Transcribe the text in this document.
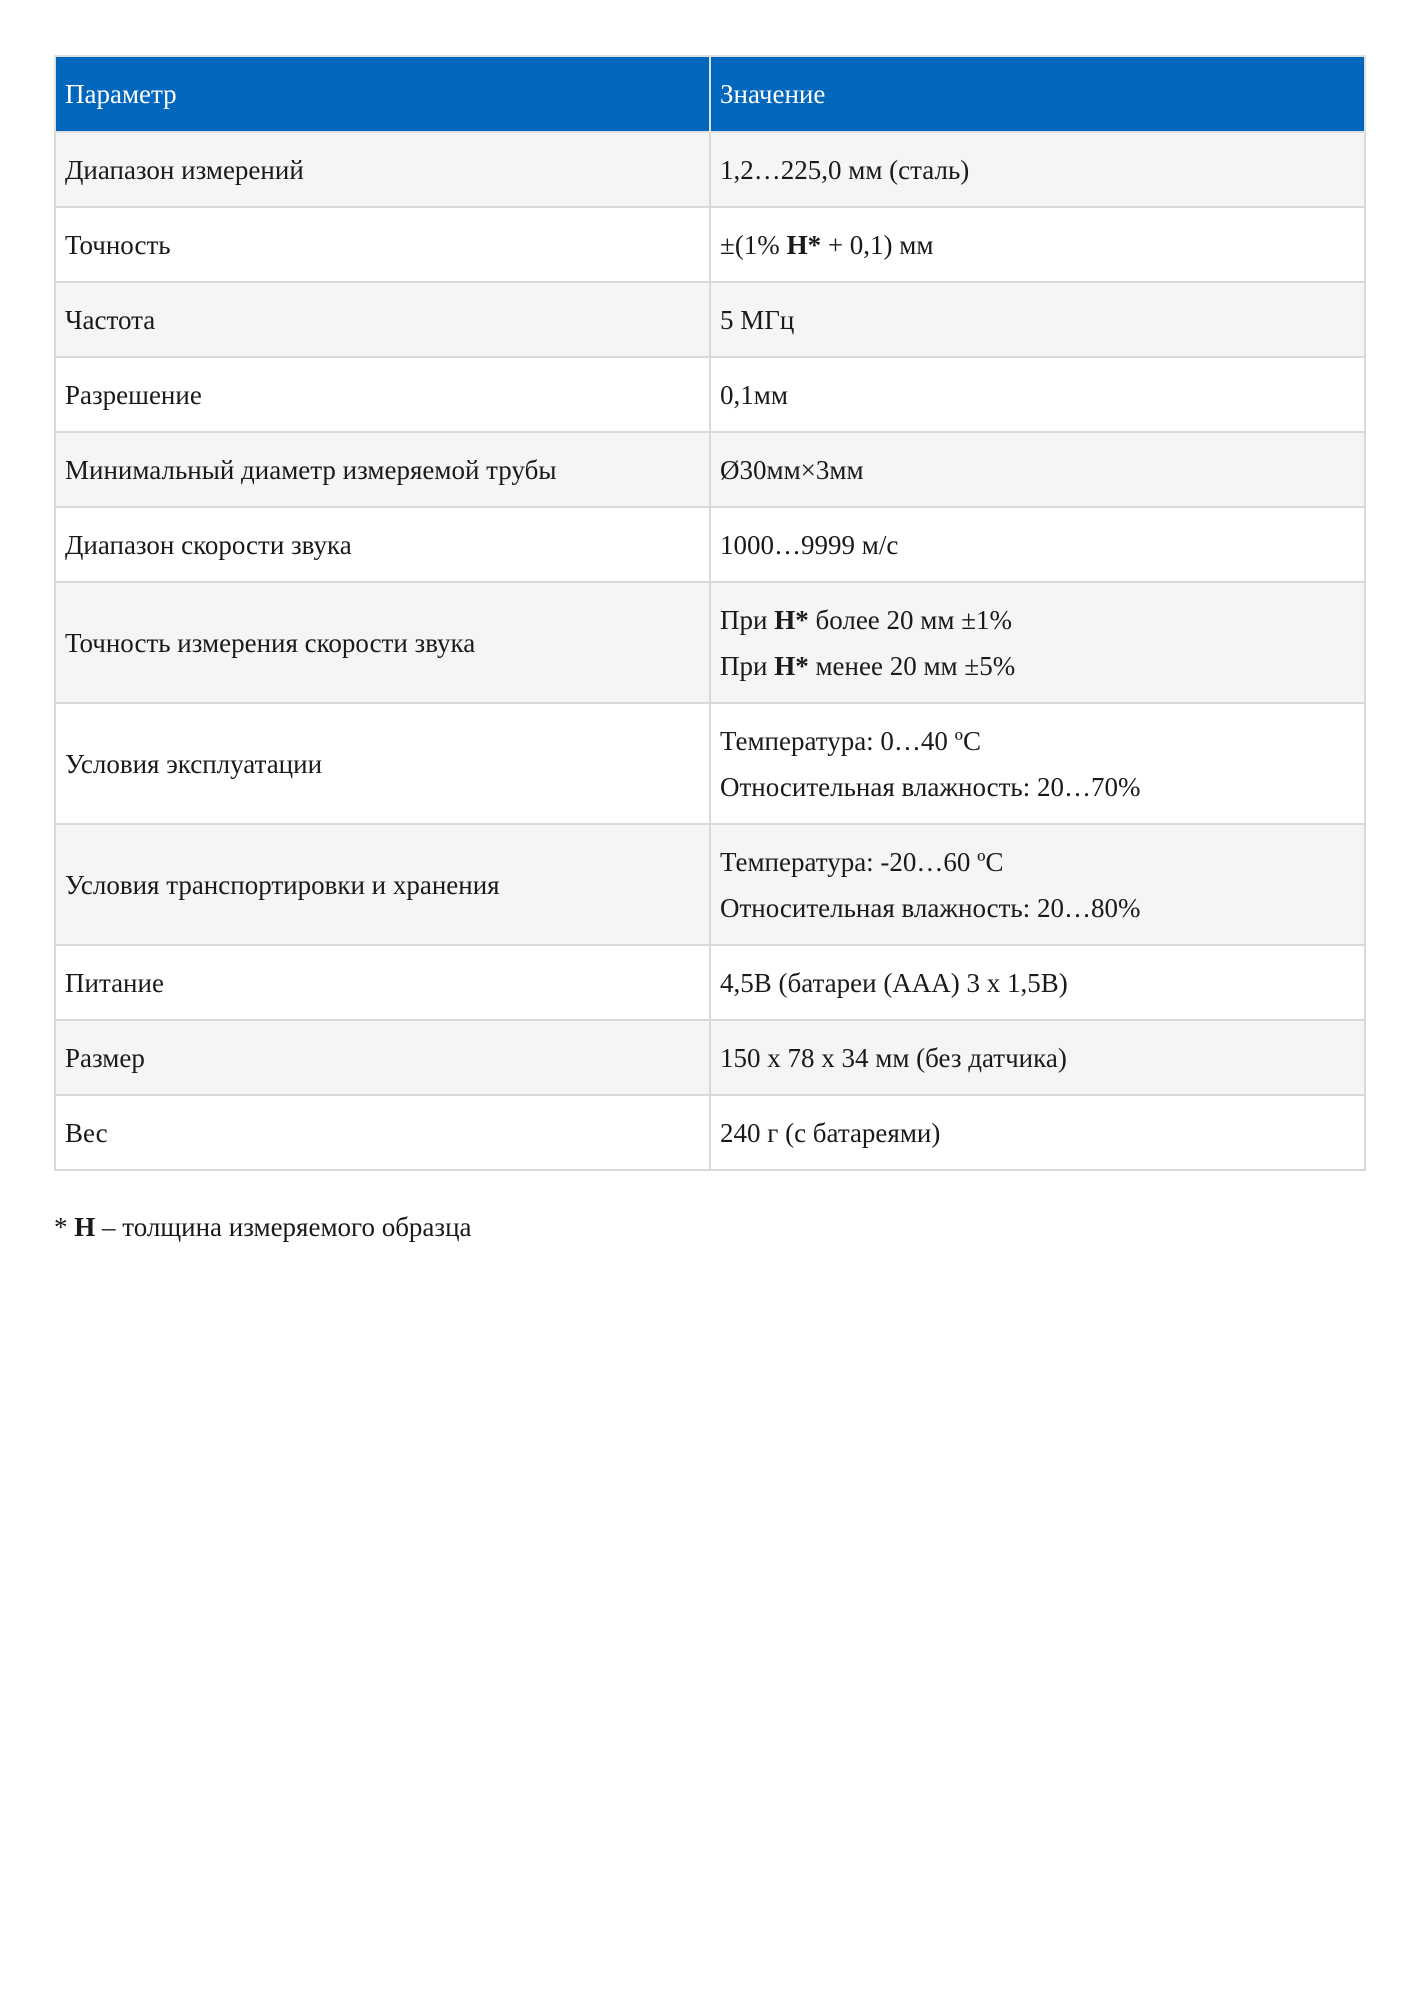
Параметр	Значение
Диапазон измерений	1,2…225,0 мм (сталь)
Точность	±(1% H* + 0,1) мм
Частота	5 МГц
Разрешение	0,1мм
Минимальный диаметр измеряемой трубы	Ø30мм×3мм
Диапазон скорости звука	1000…9999 м/с
Точность измерения скорости звука	При H* более 20 мм ±1%
При H* менее 20 мм ±5%

Условия эксплуатации	Температура: 0…40 ºС
Относительная влажность: 20…70%

Условия транспортировки и хранения	Температура: -20…60 ºС
Относительная влажность: 20…80%

Питание	4,5В (батареи (ААА) 3 х 1,5В)
Размер	150 х 78 х 34 мм (без датчика)
Вес	240 г (с батареями)

* H – толщина измеряемого образца
